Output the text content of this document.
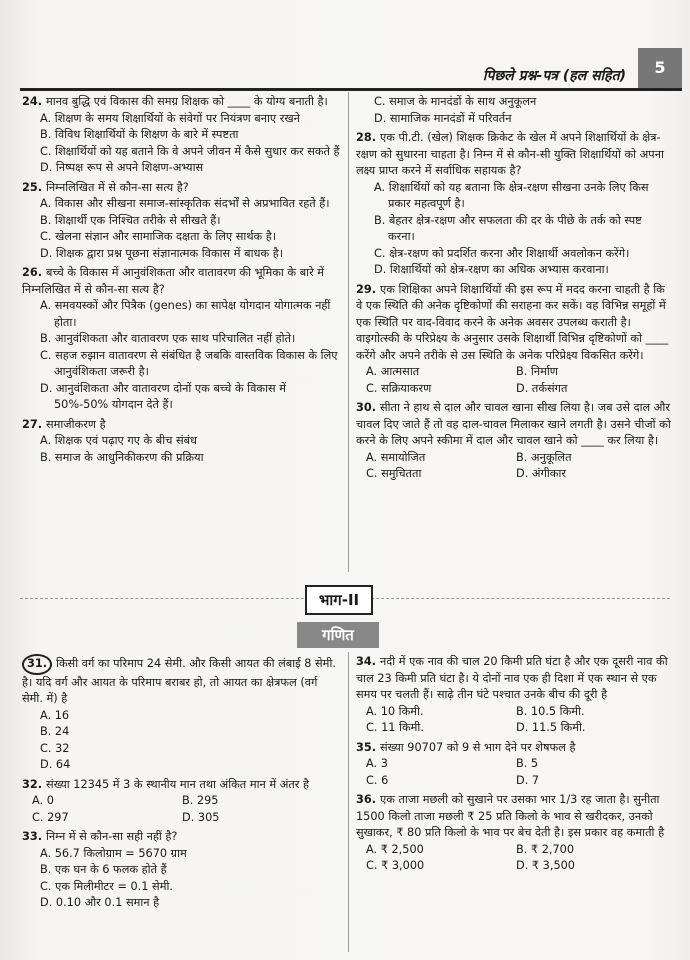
पिछले प्रश्न-पत्र (हल सहित)	5
24. मानव बुद्धि एवं विकास की समग्र शिक्षक को ____ के योग्य बनाती है।
A. शिक्षण के समय शिक्षार्थियों के संवेगों पर नियंत्रण बनाए रखने
B. विविध शिक्षार्थियों के शिक्षण के बारे में स्पष्टता
C. शिक्षार्थियों को यह बताने कि वे अपने जीवन में कैसे सुधार कर सकते हैं
D. निष्पक्ष रूप से अपने शिक्षण-अभ्यास
25. निम्नलिखित में से कौन-सा सत्य है?
A. विकास और सीखना समाज-सांस्कृतिक संदर्भों से अप्रभावित रहते हैं।
B. शिक्षार्थी एक निश्चित तरीके से सीखते हैं।
C. खेलना संज्ञान और सामाजिक दक्षता के लिए सार्थक है।
D. शिक्षक द्वारा प्रश्न पूछना संज्ञानात्मक विकास में बाधक है।
26. बच्चे के विकास में आनुवंशिकता और वातावरण की भूमिका के बारे में निम्नलिखित में से कौन-सा सत्य है?
A. समवयस्कों और पित्रैक (genes) का सापेक्ष योगदान योगात्मक नहीं होता।
B. आनुवंशिकता और वातावरण एक साथ परिचालित नहीं होते।
C. सहज रुझान वातावरण से संबंधित है जबकि वास्तविक विकास के लिए आनुवंशिकता जरूरी है।
D. आनुवंशिकता और वातावरण दोनों एक बच्चे के विकास में 50%-50% योगदान देते हैं।
27. समाजीकरण है
A. शिक्षक एवं पढ़ाए गए के बीच संबंध
B. समाज के आधुनिकीकरण की प्रक्रिया
C. समाज के मानदंडों के साथ अनुकूलन
D. सामाजिक मानदंडों में परिवर्तन
28. एक पी.टी. (खेल) शिक्षक क्रिकेट के खेल में अपने शिक्षार्थियों के क्षेत्र-रक्षण को सुधारना चाहता है। निम्न में से कौन-सी युक्ति शिक्षार्थियों को अपना लक्ष्य प्राप्त करने में सर्वाधिक सहायक है?
A. शिक्षार्थियों को यह बताना कि क्षेत्र-रक्षण सीखना उनके लिए किस प्रकार महत्वपूर्ण है।
B. बेहतर क्षेत्र-रक्षण और सफलता की दर के पीछे के तर्क को स्पष्ट करना।
C. क्षेत्र-रक्षण को प्रदर्शित करना और शिक्षार्थी अवलोकन करेंगे।
D. शिक्षार्थियों को क्षेत्र-रक्षण का अधिक अभ्यास करवाना।
29. एक शिक्षिका अपने शिक्षार्थियों की इस रूप में मदद करना चाहती है कि वे एक स्थिति की अनेक दृष्टिकोणों की सराहना कर सकें। वह विभिन्न समूहों में एक स्थिति पर वाद-विवाद करने के अनेक अवसर उपलब्ध कराती है। वाइगोत्स्की के परिप्रेक्ष्य के अनुसार उसके शिक्षार्थी विभिन्न दृष्टिकोणों को ____ करेंगे और अपने तरीके से उस स्थिति के अनेक परिप्रेक्ष्य विकसित करेंगे।
A. आत्मसात	B. निर्माण
C. सक्रियाकरण	D. तर्कसंगत
30. सीता ने हाथ से दाल और चावल खाना सीख लिया है। जब उसे दाल और चावल दिए जाते हैं तो वह दाल-चावल मिलाकर खाने लगती है। उसने चीजों को करने के लिए अपने स्कीमा में दाल और चावल खाने को ____ कर लिया है।
A. समायोजित	B. अनुकूलित
C. समुचितता	D. अंगीकार
भाग-II
गणित
31. किसी वर्ग का परिमाप 24 सेमी. और किसी आयत की लंबाई 8 सेमी. है। यदि वर्ग और आयत के परिमाप बराबर हो, तो आयत का क्षेत्रफल (वर्ग सेमी. में) है
A. 16
B. 24
C. 32
D. 64
32. संख्या 12345 में 3 के स्थानीय मान तथा अंकित मान में अंतर है
A. 0	B. 295
C. 297	D. 305
33. निम्न में से कौन-सा सही नहीं है?
A. 56.7 किलोग्राम = 5670 ग्राम
B. एक घन के 6 फलक होते हैं
C. एक मिलीमीटर = 0.1 सेमी.
D. 0.10 और 0.1 समान है
34. नदी में एक नाव की चाल 20 किमी प्रति घंटा है और एक दूसरी नाव की चाल 23 किमी प्रति घंटा है। ये दोनों नाव एक ही दिशा में एक स्थान से एक समय पर चलती हैं। साढ़े तीन घंटे पश्चात उनके बीच की दूरी है
A. 10 किमी.	B. 10.5 किमी.
C. 11 किमी.	D. 11.5 किमी.
35. संख्या 90707 को 9 से भाग देने पर शेषफल है
A. 3	B. 5
C. 6	D. 7
36. एक ताजा मछली को सुखाने पर उसका भार 1/3 रह जाता है। सुनीता 1500 किलो ताजा मछली ₹ 25 प्रति किलो के भाव से खरीदकर, उनको सुखाकर, ₹ 80 प्रति किलो के भाव पर बेच देती है। इस प्रकार वह कमाती है
A. ₹ 2,500	B. ₹ 2,700
C. ₹ 3,000	D. ₹ 3,500
